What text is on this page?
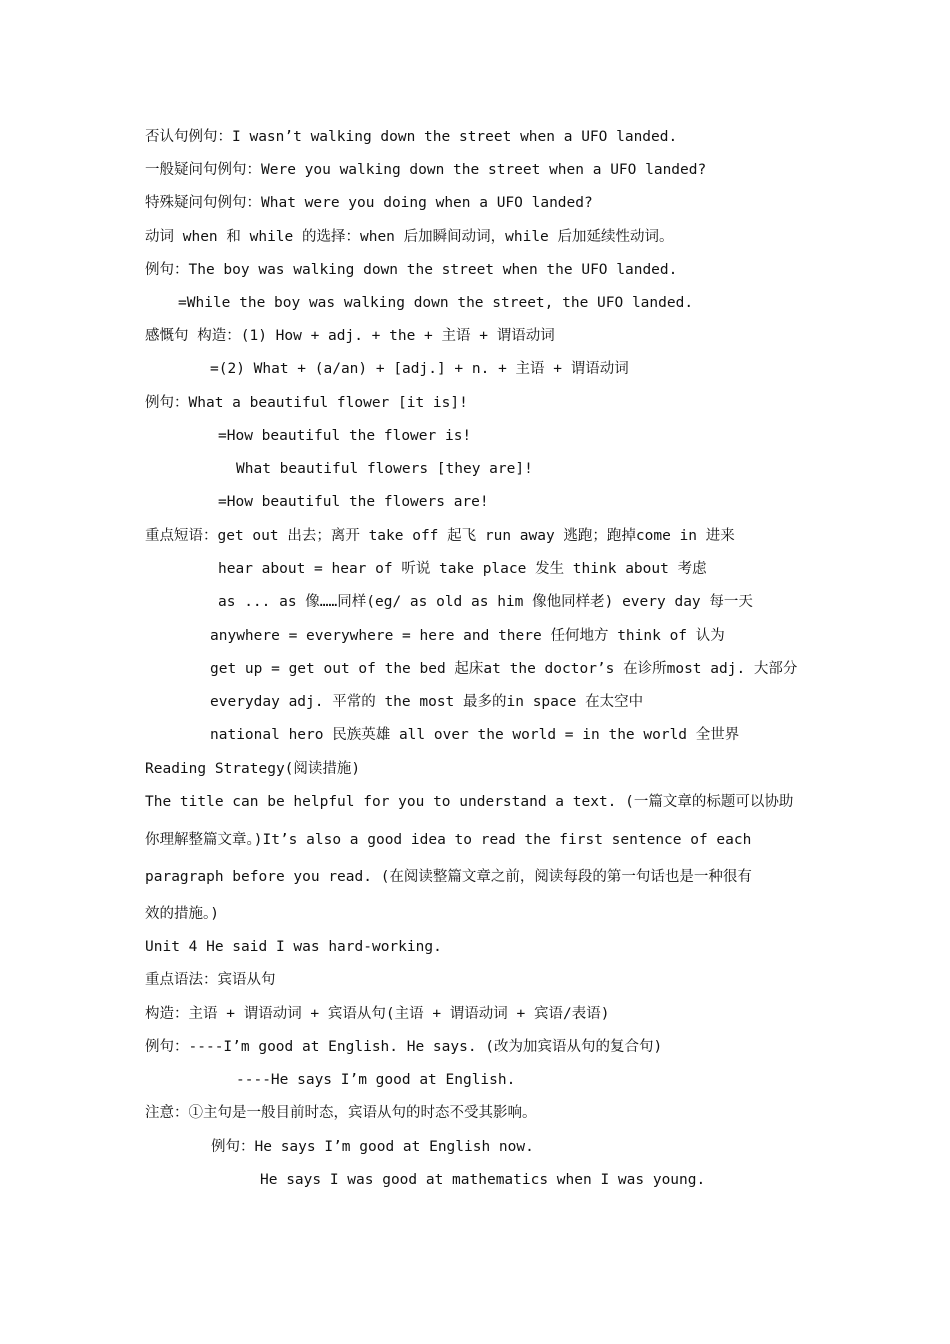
否认句例句：I wasn’t walking down the street when a UFO landed.
一般疑问句例句：Were you walking down the street when a UFO landed?
特殊疑问句例句：What were you doing when a UFO landed?
动词 when 和 while 的选择：when 后加瞬间动词，while 后加延续性动词。
例句：The boy was walking down the street when the UFO landed.
=While the boy was walking down the street, the UFO landed.
感慨句 构造：(1) How + adj. + the + 主语 + 谓语动词
=(2) What + (a/an) + [adj.] + n. + 主语 + 谓语动词
例句：What a beautiful flower [it is]!
=How beautiful the flower is!
What beautiful flowers [they are]!
=How beautiful the flowers are!
重点短语：get out 出去；离开 take off 起飞 run away 逃跑；跑掉come in 进来
hear about = hear of 听说 take place 发生 think about 考虑
as ... as 像……同样(eg/ as old as him 像他同样老) every day 每一天
anywhere = everywhere = here and there 任何地方 think of 认为
get up = get out of the bed 起床at the doctor’s 在诊所most adj. 大部分
everyday adj. 平常的 the most 最多的in space 在太空中
national hero 民族英雄 all over the world = in the world 全世界
Reading Strategy(阅读措施)
The title can be helpful for you to understand a text. (一篇文章的标题可以协助
你理解整篇文章。)It’s also a good idea to read the first sentence of each
paragraph before you read. (在阅读整篇文章之前，阅读每段的第一句话也是一种很有
效的措施。)
Unit 4 He said I was hard-working.
重点语法：宾语从句
构造：主语 + 谓语动词 + 宾语从句(主语 + 谓语动词 + 宾语/表语)
例句：----I’m good at English. He says. (改为加宾语从句的复合句)
----He says I’m good at English.
注意：①主句是一般目前时态，宾语从句的时态不受其影响。
例句：He says I’m good at English now.
He says I was good at mathematics when I was young.
